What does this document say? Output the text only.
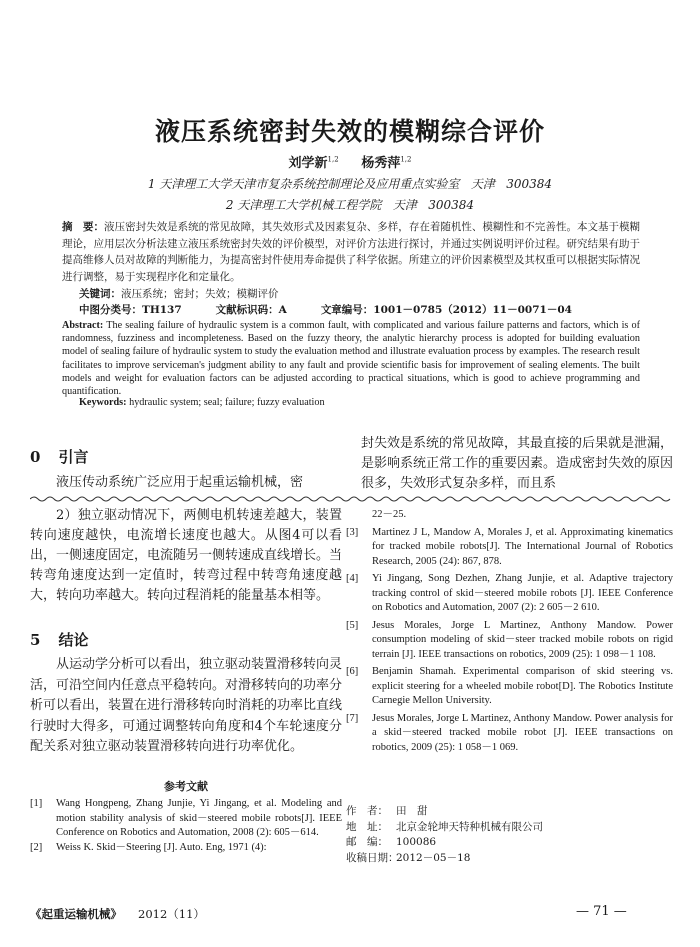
液压系统密封失效的模糊综合评价
刘学新$^{1,2}$ 杨秀萍$^{1,2}$
1 天津理工大学天津市复杂系统控制理论及应用重点实验室   天津   300384
2 天津理工大学机械工程学院   天津   300384
摘　要：液压密封失效是系统的常见故障，其失效形式及因素复杂、多样，存在着随机性、模糊性和不完善性。本文基于模糊理论，应用层次分析法建立液压系统密封失效的评价模型，对评价方法进行探讨，并通过实例说明评价过程。研究结果有助于提高维修人员对故障的判断能力，为提高密封件使用寿命提供了科学依据。所建立的评价因素模型及其权重可以根据实际情况进行调整，易于实现程序化和定量化。
关键词：液压系统；密封；失效；模糊评价
中图分类号：TH137	文献标识码：A	文章编号：1001－0785（2012）11－0071－04
Abstract: The sealing failure of hydraulic system is a common fault, with complicated and various failure patterns and factors, which is of randomness, fuzziness and incompleteness. Based on the fuzzy theory, the analytic hierarchy process is adopted for building evaluation model of sealing failure of hydraulic system to study the evaluation method and illustrate evaluation process by examples. The research result facilitates to improve serviceman's judgment ability to any fault and provide scientific basis for improvement of sealing elements. The built models and weight for evaluation factors can be adjusted according to practical situations, which is good to achieve programming and quantification.
Keywords: hydraulic system; seal; failure; fuzzy evaluation
0 引言
液压传动系统广泛应用于起重运输机械，密
封失效是系统的常见故障，其最直接的后果就是泄漏，是影响系统正常工作的重要因素。造成密封失效的原因很多，失效形式复杂多样，而且系

2）独立驱动情况下，两侧电机转速差越大，装置转向速度越快，电流增长速度也越大。从图4可以看出，一侧速度固定，电流随另一侧转速成直线增长。当转弯角速度达到一定值时，转弯过程中转弯角速度越大，转向功率越大。转向过程消耗的能量基本相等。

5 结论
从运动学分析可以看出，独立驱动装置滑移转向灵活，可沿空间内任意点平稳转向。对滑移转向的功率分析可以看出，装置在进行滑移转向时消耗的功率比直线行驶时大得多，可通过调整转向角度和4个车轮速度分配关系对独立驱动装置滑移转向进行功率优化。
参考文献
[1] Wang Hongpeng, Zhang Junjie, Yi Jingang, et al. Modeling and motion stability analysis of skid－steered mobile robots[J]. IEEE Conference on Robotics and Automation, 2008 (2): 605－614.
[2] Weiss K. Skid－Steering [J]. Auto. Eng, 1971 (4):
22－25.
[3] Martinez J L, Mandow A, Morales J, et al. Approximating kinematics for tracked mobile robots[J]. The International Journal of Robotics Research, 2005 (24): 867, 878.
[4] Yi Jingang, Song Dezhen, Zhang Junjie, et al. Adaptive trajectory tracking control of skid－steered mobile robots [J]. IEEE Conference on Robotics and Automation, 2007 (2): 2 605－2 610.
[5] Jesus Morales, Jorge L Martinez, Anthony Mandow. Power consumption modeling of skid－steer tracked mobile robots on rigid terrain [J]. IEEE transactions on robotics, 2009 (25): 1 098－1 108.
[6] Benjamin Shamah. Experimental comparison of skid steering vs. explicit steering for a wheeled mobile robot[D]. The Robotics Institute Carnegie Mellon University.
[7] Jesus Morales, Jorge L Martinez, Anthony Mandow. Power analysis for a skid－steered tracked mobile robot [J]. IEEE transactions on robotics, 2009 (25): 1 058－1 069.
作　者： 田　甜
地　址： 北京金轮坤天特种机械有限公司
邮　编： 100086
收稿日期：
2012－05－18
《起重运输机械》 2012（11）	— 71 —
